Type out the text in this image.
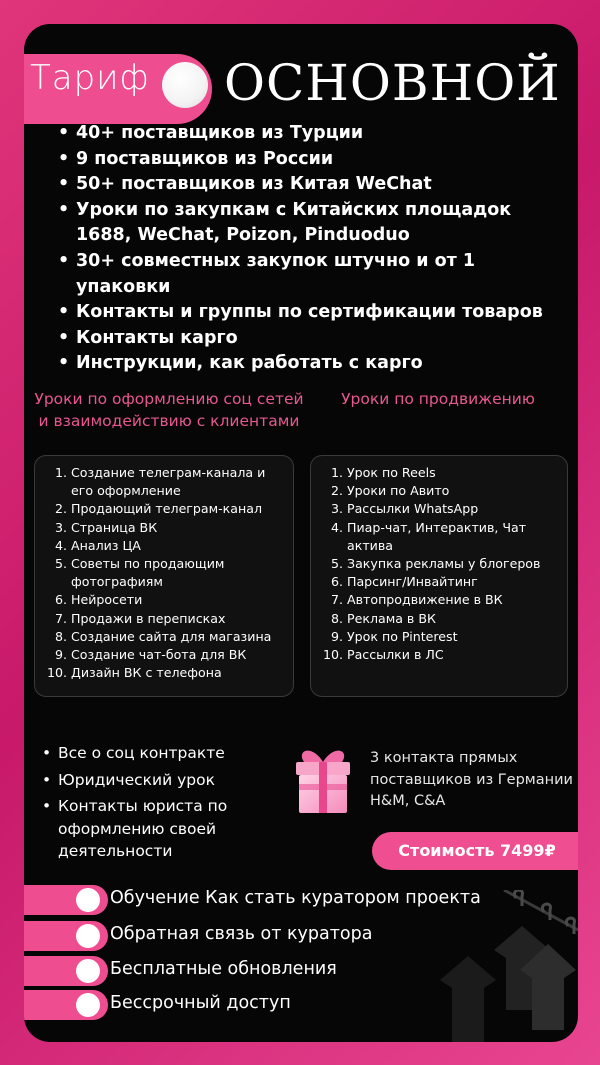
Тариф ОСНОВНОЙ
• 40+ поставщиков из Турции
• 9 поставщиков из России
• 50+ поставщиков из Китая WeChat
• Уроки по закупкам с Китайских площадок 1688, WeChat, Poizon, Pinduoduo
• 30+ совместных закупок штучно и от 1 упаковки
• Контакты и группы по сертификации товаров
• Контакты карго
• Инструкции, как работать с карго
Уроки по оформлению соц сетей и взаимодействию с клиентами
Уроки по продвижению
1. Создание телеграм-канала и его оформление
2. Продающий телеграм-канал
3. Страница ВК
4. Анализ ЦА
5. Советы по продающим фотографиям
6. Нейросети
7. Продажи в переписках
8. Создание сайта для магазина
9. Создание чат-бота для ВК
10. Дизайн ВК с телефона
1. Урок по Reels
2. Уроки по Авито
3. Рассылки WhatsApp
4. Пиар-чат, Интерактив, Чат актива
5. Закупка рекламы у блогеров
6. Парсинг/Инвайтинг
7. Автопродвижение в ВК
8. Реклама в ВК
9. Урок по Pinterest
10. Рассылки в ЛС
• Все о соц контракте
• Юридический урок
• Контакты юриста по оформлению своей деятельности
3 контакта прямых поставщиков из Германии H&M, C&A
Стоимость 7499₽
Обучение Как стать куратором проекта
Обратная связь от куратора
Бесплатные обновления
Бессрочный доступ
